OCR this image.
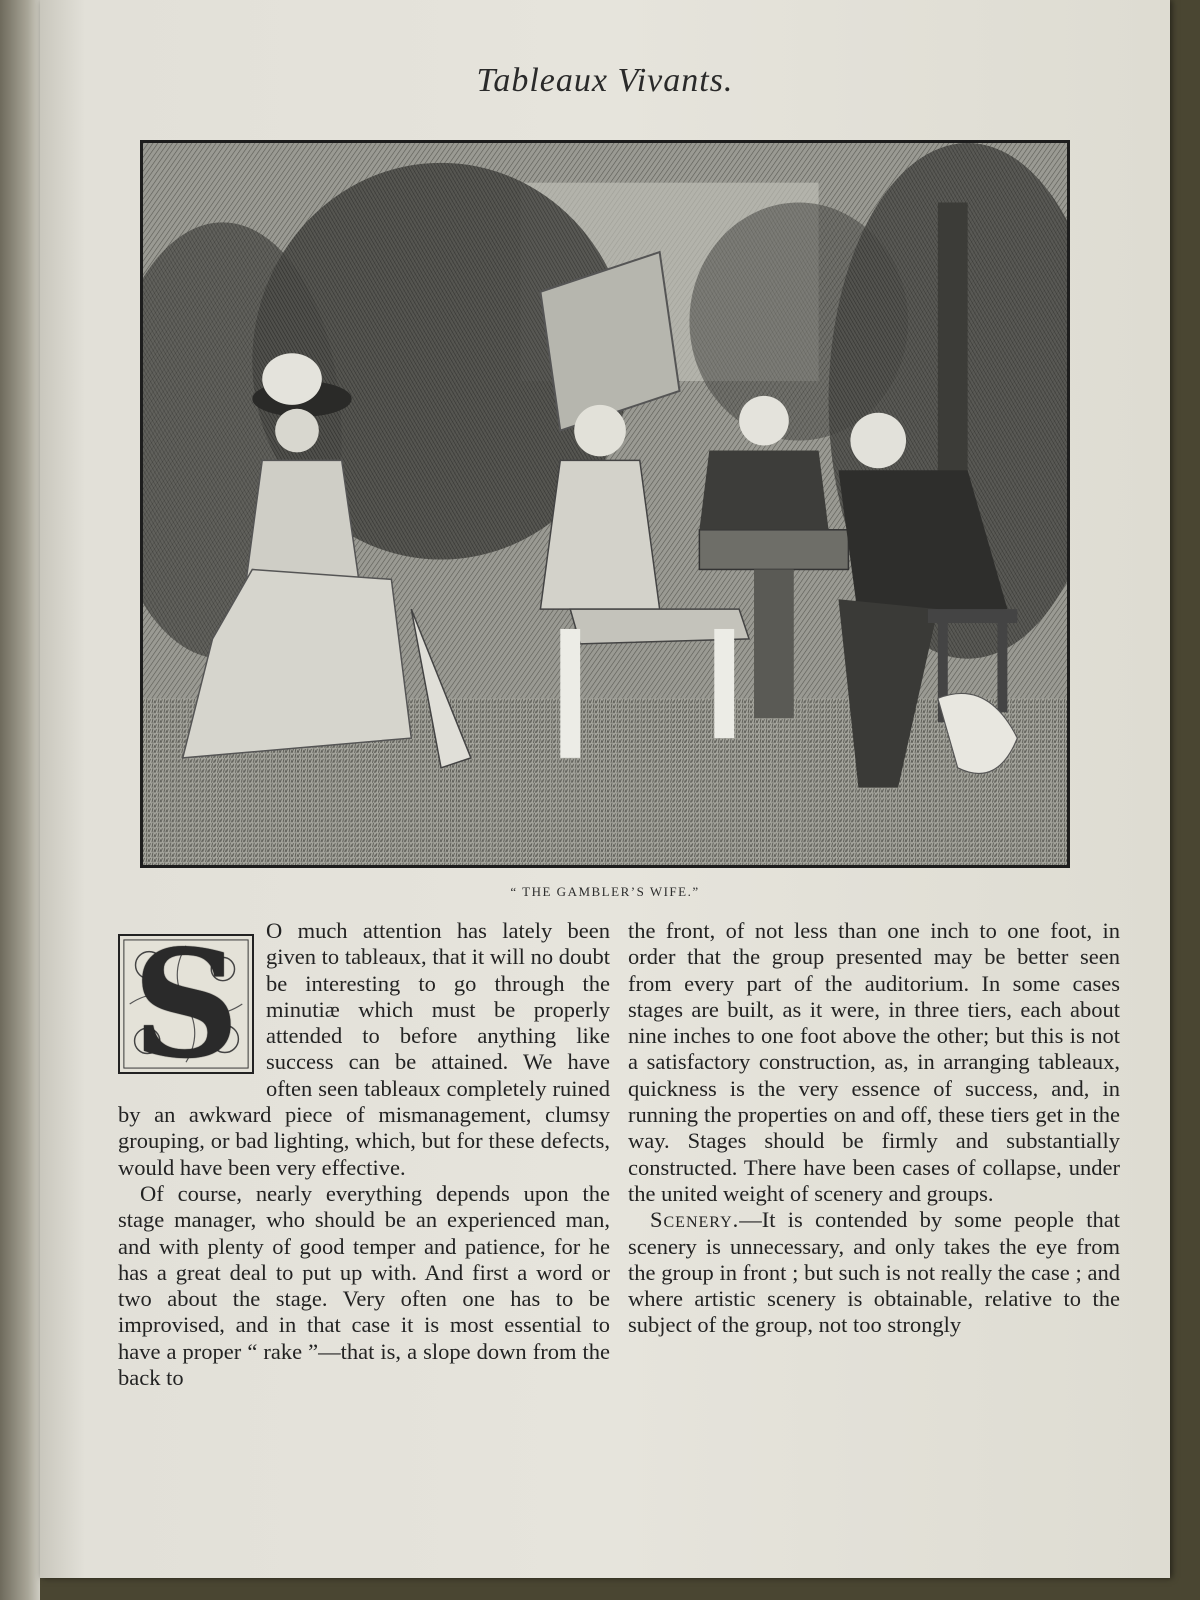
Tableaux Vivants.
“ THE GAMBLER’S WIFE.”
S	O much attention has lately been given to tableaux, that it will no doubt be interesting to go through the minutiæ which must be properly attended to before anything like success can be attained. We have often seen tableaux completely ruined by an awkward piece of mismanagement, clumsy grouping, or bad lighting, which, but for these defects, would have been very effective.

Of course, nearly everything depends upon the stage manager, who should be an experienced man, and with plenty of good temper and patience, for he has a great deal to put up with. And first a word or two about the stage. Very often one has to be improvised, and in that case it is most essential to have a proper “ rake ”—that is, a slope down from the back to

the front, of not less than one inch to one foot, in order that the group presented may be better seen from every part of the auditorium. In some cases stages are built, as it were, in three tiers, each about nine inches to one foot above the other; but this is not a satisfactory construction, as, in arranging tableaux, quickness is the very essence of success, and, in running the properties on and off, these tiers get in the way. Stages should be firmly and substantially constructed. There have been cases of collapse, under the united weight of scenery and groups.

Scenery.—It is contended by some people that scenery is unnecessary, and only takes the eye from the group in front ; but such is not really the case ; and where artistic scenery is obtainable, relative to the subject of the group, not too strongly
